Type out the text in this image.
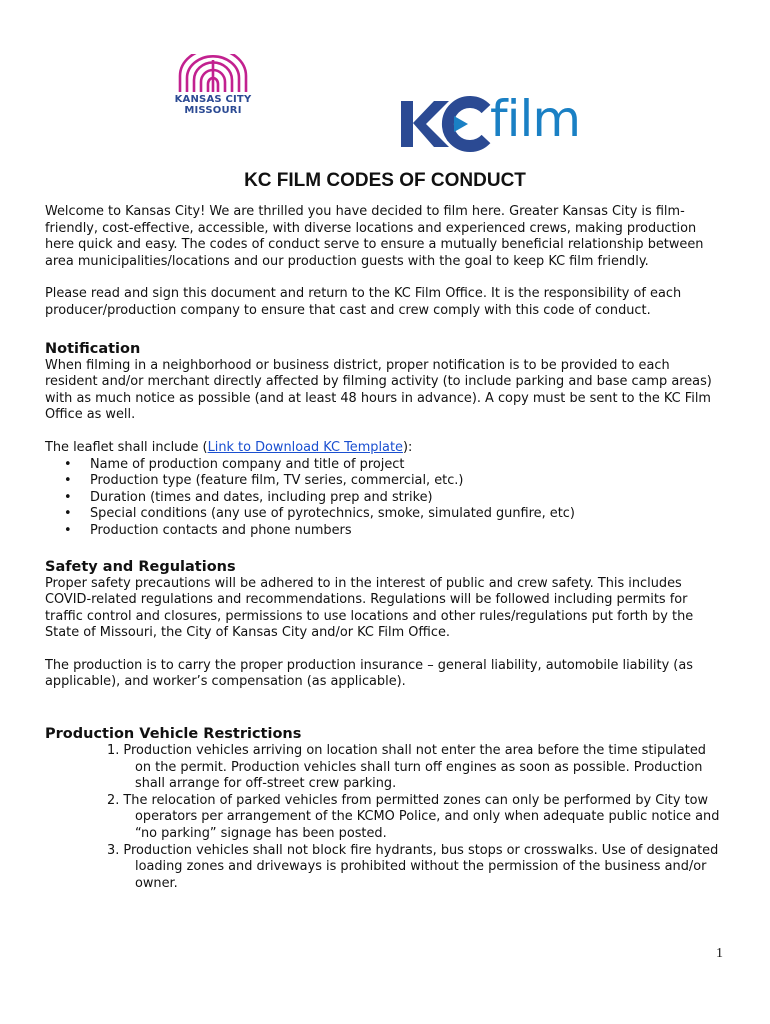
KANSAS CITY
MISSOURI	film
KC FILM CODES OF CONDUCT

Welcome to Kansas City! We are thrilled you have decided to film here. Greater Kansas City is film-friendly, cost-effective, accessible, with diverse locations and experienced crews, making production here quick and easy. The codes of conduct serve to ensure a mutually beneficial relationship between area municipalities/locations and our production guests with the goal to keep KC film friendly.

Please read and sign this document and return to the KC Film Office. It is the responsibility of each producer/production company to ensure that cast and crew comply with this code of conduct.

Notification

When filming in a neighborhood or business district, proper notification is to be provided to each resident and/or merchant directly affected by filming activity (to include parking and base camp areas) with as much notice as possible (and at least 48 hours in advance). A copy must be sent to the KC Film Office as well.

The leaflet shall include (Link to Download KC Template):

• Name of production company and title of project
• Production type (feature film, TV series, commercial, etc.)
• Duration (times and dates, including prep and strike)
• Special conditions (any use of pyrotechnics, smoke, simulated gunfire, etc)
• Production contacts and phone numbers
Safety and Regulations

Proper safety precautions will be adhered to in the interest of public and crew safety. This includes COVID-related regulations and recommendations. Regulations will be followed including permits for traffic control and closures, permissions to use locations and other rules/regulations put forth by the State of Missouri, the City of Kansas City and/or KC Film Office.

The production is to carry the proper production insurance – general liability, automobile liability (as applicable), and worker’s compensation (as applicable).

Production Vehicle Restrictions
1. Production vehicles arriving on location shall not enter the area before the time stipulated on the permit. Production vehicles shall turn off engines as soon as possible. Production shall arrange for off-street crew parking.
2. The relocation of parked vehicles from permitted zones can only be performed by City tow operators per arrangement of the KCMO Police, and only when adequate public notice and “no parking” signage has been posted.
3. Production vehicles shall not block fire hydrants, bus stops or crosswalks. Use of designated loading zones and driveways is prohibited without the permission of the business and/or owner.
1
